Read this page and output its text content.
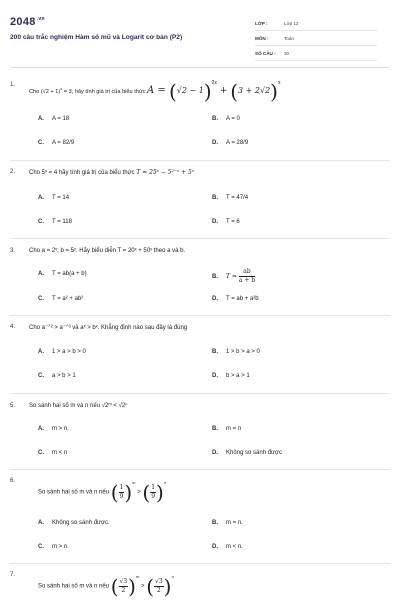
$2048^{.vn}$
200 câu trắc nghiệm Hàm số mũ và Logarit cơ bản (P2)
LỚP :	Lớp 12
MÔN :	Toán
SỐ CÂU :	30
1.
Cho $(√2 + 1)^x = 3$, hãy tính giá trị của biểu thức A = (√2 − 1)2x + (3 + 2√2)x
A. A = 18	B. A = 0
C. A = 82/9	D. A = 28/9
2. Cho 5ˣ = 4 hãy tính giá trị của biểu thức T = 25ˣ − 5²⁻ˣ + 5ˣ
A. T = 14	B. T = 47/4
C. T = 118	D. T = 6
3. Cho a = 2ˣ; b = 5ˣ. Hãy biểu diễn T = 20ˣ + 50ˣ theo a và b.
A. T = ab(a + b)
B. $T = \frac{ab}{a + b}$
C. T = a² + ab²	D. T = ab + a²b
4. Cho a⁻ᐟ² > a⁻ᐟ³ và aˣ > bˣ. Khẳng định nào sau đây là đúng
A. 1 > a > b > 0	B. 1 > b > a > 0
C. a > b > 1	D. b > a > 1
5. So sánh hai số m và n nếu √2ᵐ < √2ⁿ
A. m > n.	B. m = n
C. m < n	D. Không so sánh được
6.
So sánh hai số m và n nếu ( $\frac{1}{9} )^m$ > ( $\frac{1}{9} )^n$
A. Không so sánh được.	B. m = n.
C. m > n.	D. m < n.
7.
So sánh hai số m và n nếu ( $\frac{√3}{2} )^m$ > ( $\frac{√3}{2} )^n$
